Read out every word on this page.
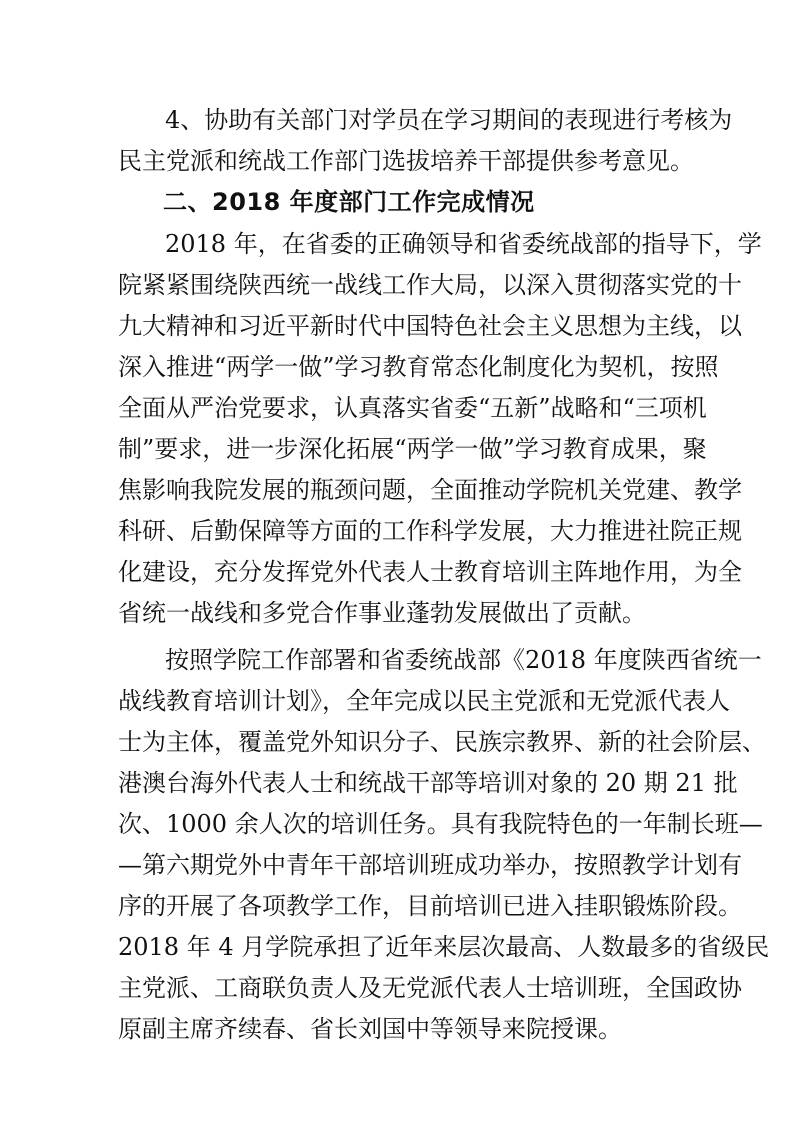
4、协助有关部门对学员在学习期间的表现进行考核为
民主党派和统战工作部门选拔培养干部提供参考意见。
二、2018 年度部门工作完成情况
2018 年，在省委的正确领导和省委统战部的指导下，学
院紧紧围绕陕西统一战线工作大局，以深入贯彻落实党的十
九大精神和习近平新时代中国特色社会主义思想为主线，以
深入推进“两学一做”学习教育常态化制度化为契机，按照
全面从严治党要求，认真落实省委“五新”战略和“三项机
制”要求，进一步深化拓展“两学一做”学习教育成果，聚
焦影响我院发展的瓶颈问题，全面推动学院机关党建、教学
科研、后勤保障等方面的工作科学发展，大力推进社院正规
化建设，充分发挥党外代表人士教育培训主阵地作用，为全
省统一战线和多党合作事业蓬勃发展做出了贡献。
按照学院工作部署和省委统战部《2018 年度陕西省统一
战线教育培训计划》，全年完成以民主党派和无党派代表人
士为主体，覆盖党外知识分子、民族宗教界、新的社会阶层、
港澳台海外代表人士和统战干部等培训对象的 20 期 21 批
次、1000 余人次的培训任务。具有我院特色的一年制长班—
—第六期党外中青年干部培训班成功举办，按照教学计划有
序的开展了各项教学工作，目前培训已进入挂职锻炼阶段。
2018 年 4 月学院承担了近年来层次最高、人数最多的省级民
主党派、工商联负责人及无党派代表人士培训班，全国政协
原副主席齐续春、省长刘国中等领导来院授课。
